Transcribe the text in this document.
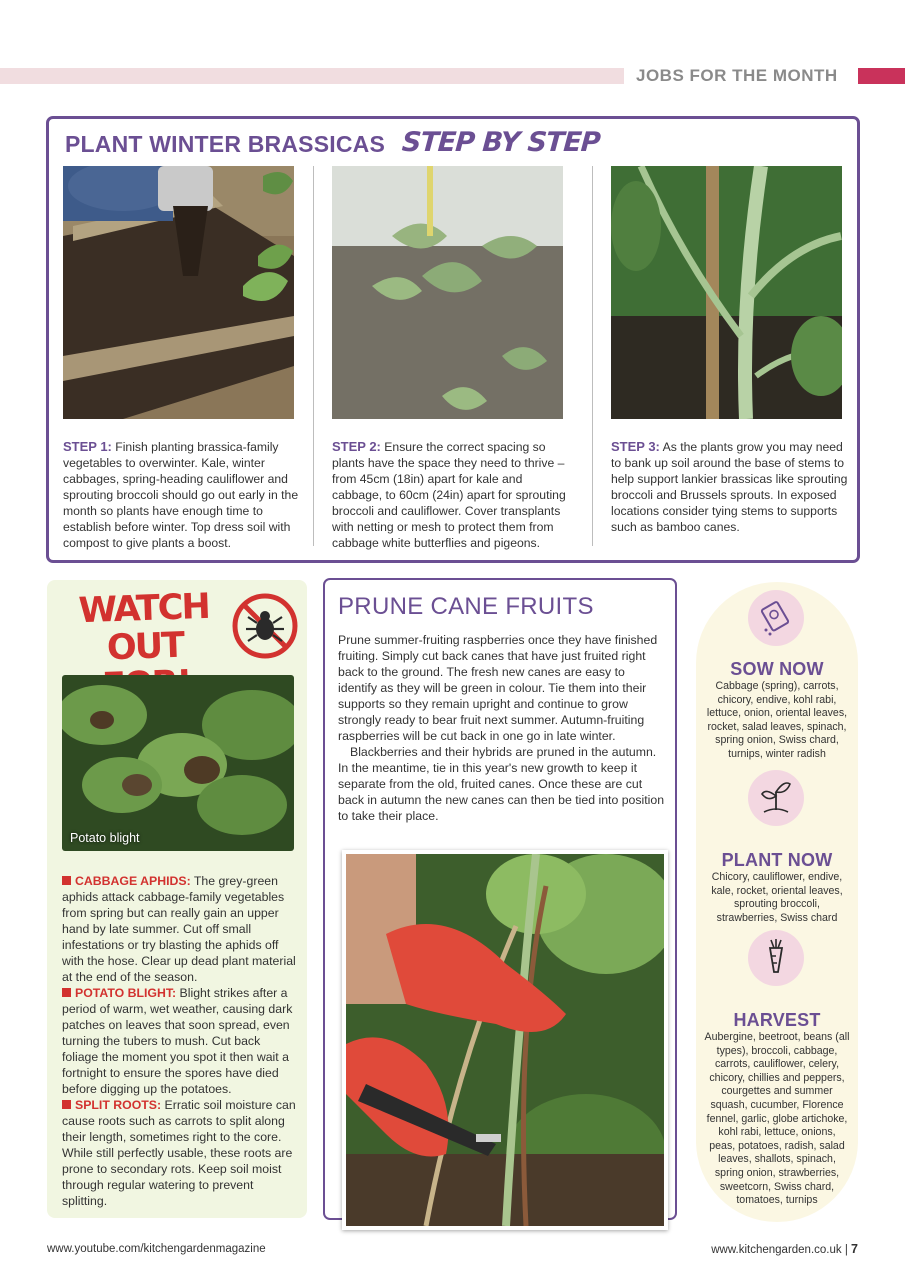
JOBS FOR THE MONTH
PLANT WINTER BRASSICAS STEP BY STEP
STEP 1: Finish planting brassica-family vegetables to overwinter. Kale, winter cabbages, spring-heading cauliflower and sprouting broccoli should go out early in the month so plants have enough time to establish before winter. Top dress soil with compost to give plants a boost.
STEP 2: Ensure the correct spacing so plants have the space they need to thrive – from 45cm (18in) apart for kale and cabbage, to 60cm (24in) apart for sprouting broccoli and cauliflower. Cover transplants with netting or mesh to protect them from cabbage white butterflies and pigeons.
STEP 3: As the plants grow you may need to bank up soil around the base of stems to help support lankier brassicas like sprouting broccoli and Brussels sprouts. In exposed locations consider tying stems to supports such as bamboo canes.
WATCH
OUT
Potato blight
CABBAGE APHIDS: The grey-green aphids attack cabbage-family vegetables from spring but can really gain an upper hand by late summer. Cut off small infestations or try blasting the aphids off with the hose. Clear up dead plant material at the end of the season.
POTATO BLIGHT: Blight strikes after a period of warm, wet weather, causing dark patches on leaves that soon spread, even turning the tubers to mush. Cut back foliage the moment you spot it then wait a fortnight to ensure the spores have died before digging up the potatoes.
SPLIT ROOTS: Erratic soil moisture can cause roots such as carrots to split along their length, sometimes right to the core. While still perfectly usable, these roots are prone to secondary rots. Keep soil moist through regular watering to prevent splitting.
PRUNE CANE FRUITS

Prune summer-fruiting raspberries once they have finished fruiting. Simply cut back canes that have just fruited right back to the ground. The fresh new canes are easy to identify as they will be green in colour. Tie them into their supports so they remain upright and continue to grow strongly ready to bear fruit next summer. Autumn-fruiting raspberries will be cut back in one go in late winter.

Blackberries and their hybrids are pruned in the autumn. In the meantime, tie in this year's new growth to keep it separate from the old, fruited canes. Once these are cut back in autumn the new canes can then be tied into position to take their place.

SOW NOW
Cabbage (spring), carrots, chicory, endive, kohl rabi, lettuce, onion, oriental leaves, rocket, salad leaves, spinach, spring onion, Swiss chard, turnips, winter radish
PLANT NOW
Chicory, cauliflower, endive, kale, rocket, oriental leaves, sprouting broccoli, strawberries, Swiss chard
HARVEST
Aubergine, beetroot, beans (all types), broccoli, cabbage, carrots, cauliflower, celery, chicory, chillies and peppers, courgettes and summer squash, cucumber, Florence fennel, garlic, globe artichoke, kohl rabi, lettuce, onions, peas, potatoes, radish, salad leaves, shallots, spinach, spring onion, strawberries, sweetcorn, Swiss chard, tomatoes, turnips
www.youtube.com/kitchengardenmagazine	www.kitchengarden.co.uk | 7
